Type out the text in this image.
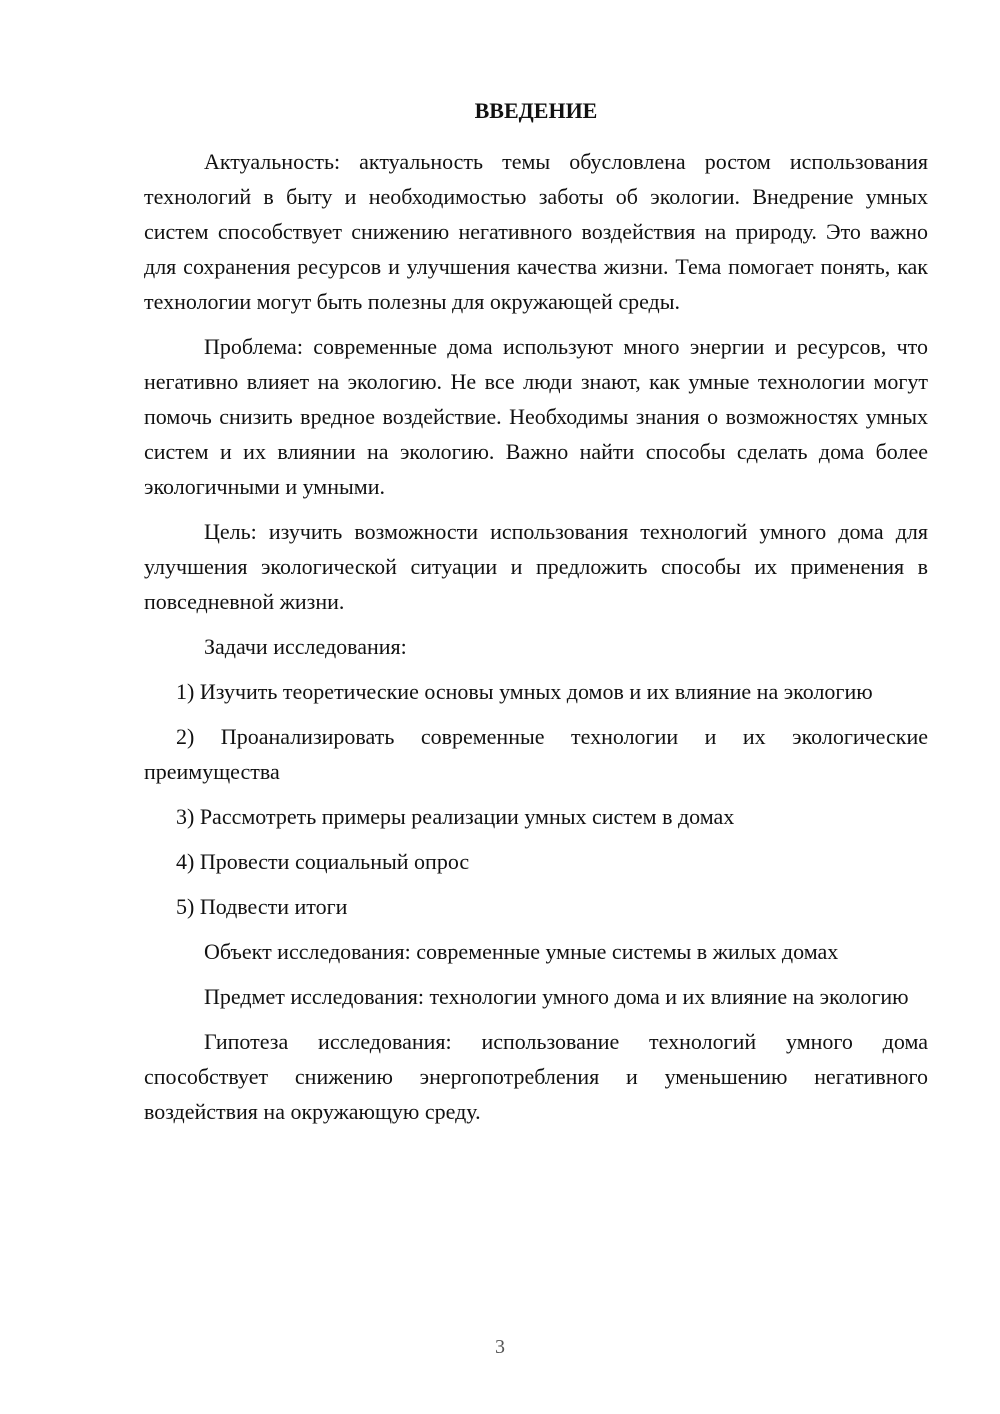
ВВЕДЕНИЕ

Актуальность: актуальность темы обусловлена ростом использования технологий в быту и необходимостью заботы об экологии. Внедрение умных систем способствует снижению негативного воздействия на природу. Это важно для сохранения ресурсов и улучшения качества жизни. Тема помогает понять, как технологии могут быть полезны для окружающей среды.

Проблема: современные дома используют много энергии и ресурсов, что негативно влияет на экологию. Не все люди знают, как умные технологии могут помочь снизить вредное воздействие. Необходимы знания о возможностях умных систем и их влиянии на экологию. Важно найти способы сделать дома более экологичными и умными.

Цель: изучить возможности использования технологий умного дома для улучшения экологической ситуации и предложить способы их применения в повседневной жизни.

Задачи исследования:

1) Изучить теоретические основы умных домов и их влияние на экологию

2) Проанализировать современные технологии и их экологические преимущества

3) Рассмотреть примеры реализации умных систем в домах

4) Провести социальный опрос

5) Подвести итоги

Объект исследования: современные умные системы в жилых домах

Предмет исследования: технологии умного дома и их влияние на экологию

Гипотеза исследования: использование технологий умного дома способствует снижению энергопотребления и уменьшению негативного воздействия на окружающую среду.

3
